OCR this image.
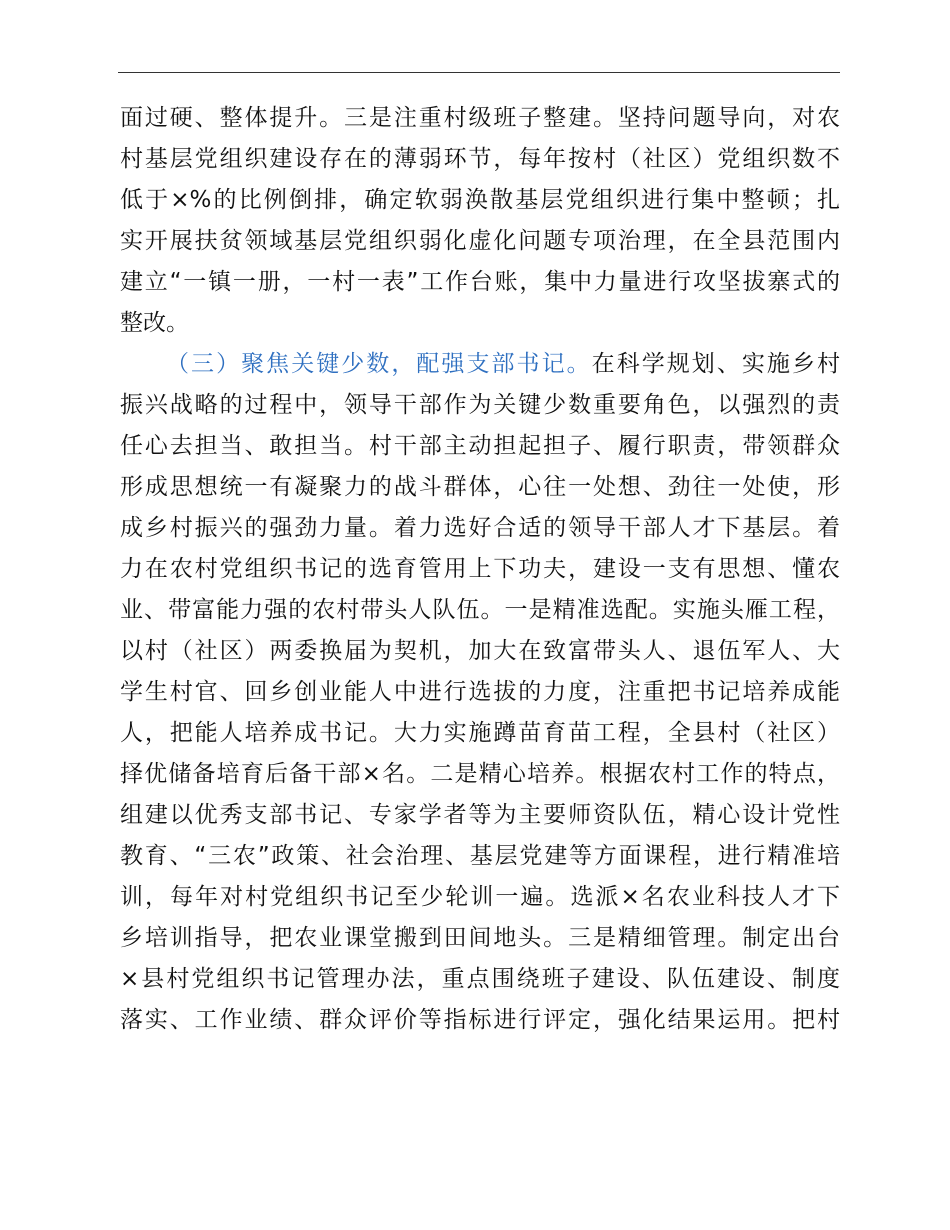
面过硬、整体提升。三是注重村级班子整建。坚持问题导向，对农
村基层党组织建设存在的薄弱环节，每年按村（社区）党组织数不
低于×%的比例倒排，确定软弱涣散基层党组织进行集中整顿；扎
实开展扶贫领域基层党组织弱化虚化问题专项治理，在全县范围内
建立“一镇一册，一村一表”工作台账，集中力量进行攻坚拔寨式的
整改。
（三）聚焦关键少数，配强支部书记。在科学规划、实施乡村
振兴战略的过程中，领导干部作为关键少数重要角色，以强烈的责
任心去担当、敢担当。村干部主动担起担子、履行职责，带领群众
形成思想统一有凝聚力的战斗群体，心往一处想、劲往一处使，形
成乡村振兴的强劲力量。着力选好合适的领导干部人才下基层。着
力在农村党组织书记的选育管用上下功夫，建设一支有思想、懂农
业、带富能力强的农村带头人队伍。一是精准选配。实施头雁工程，
以村（社区）两委换届为契机，加大在致富带头人、退伍军人、大
学生村官、回乡创业能人中进行选拔的力度，注重把书记培养成能
人，把能人培养成书记。大力实施蹲苗育苗工程，全县村（社区）
择优储备培育后备干部×名。二是精心培养。根据农村工作的特点，
组建以优秀支部书记、专家学者等为主要师资队伍，精心设计党性
教育、“三农”政策、社会治理、基层党建等方面课程，进行精准培
训，每年对村党组织书记至少轮训一遍。选派×名农业科技人才下
乡培训指导，把农业课堂搬到田间地头。三是精细管理。制定出台
×县村党组织书记管理办法，重点围绕班子建设、队伍建设、制度
落实、工作业绩、群众评价等指标进行评定，强化结果运用。把村
